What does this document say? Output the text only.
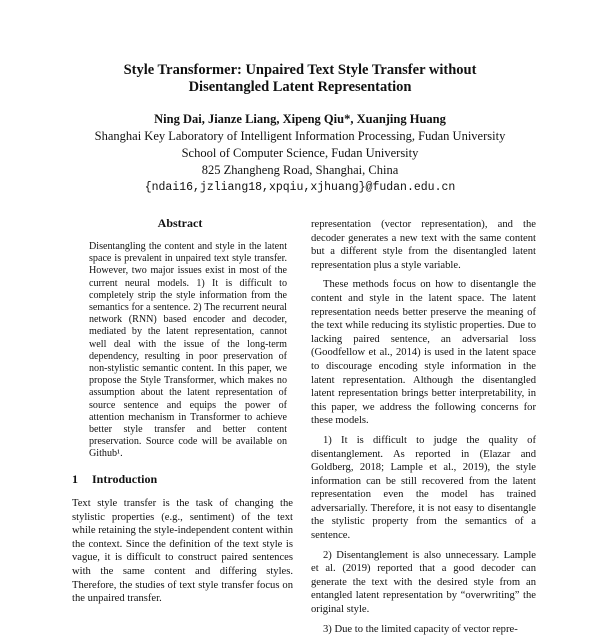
Style Transformer: Unpaired Text Style Transfer without
Disentangled Latent Representation
Ning Dai, Jianze Liang, Xipeng Qiu*, Xuanjing Huang
Shanghai Key Laboratory of Intelligent Information Processing, Fudan University
School of Computer Science, Fudan University
825 Zhangheng Road, Shanghai, China
{ndai16,jzliang18,xpqiu,xjhuang}@fudan.edu.cn
Abstract

Disentangling the content and style in the latent space is prevalent in unpaired text style transfer. However, two major issues exist in most of the current neural models. 1) It is difficult to completely strip the style information from the semantics for a sentence. 2) The recurrent neural network (RNN) based encoder and decoder, mediated by the latent representation, cannot well deal with the issue of the long-term dependency, resulting in poor preservation of non-stylistic semantic content. In this paper, we propose the Style Transformer, which makes no assumption about the latent representation of source sentence and equips the power of attention mechanism in Transformer to achieve better style transfer and better content preservation. Source code will be available on Github¹.

1 Introduction

Text style transfer is the task of changing the stylistic properties (e.g., sentiment) of the text while retaining the style-independent content within the context. Since the definition of the text style is vague, it is difficult to construct paired sentences with the same content and differing styles. Therefore, the studies of text style transfer focus on the unpaired transfer.

representation (vector representation), and the decoder generates a new text with the same content but a different style from the disentangled latent representation plus a style variable.

These methods focus on how to disentangle the content and style in the latent space. The latent representation needs better preserve the meaning of the text while reducing its stylistic properties. Due to lacking paired sentence, an adversarial loss (Goodfellow et al., 2014) is used in the latent space to discourage encoding style information in the latent representation. Although the disentangled latent representation brings better interpretability, in this paper, we address the following concerns for these models.

1) It is difficult to judge the quality of disentanglement. As reported in (Elazar and Goldberg, 2018; Lample et al., 2019), the style information can be still recovered from the latent representation even the model has trained adversarially. Therefore, it is not easy to disentangle the stylistic property from the semantics of a sentence.

2) Disentanglement is also unnecessary. Lample et al. (2019) reported that a good decoder can generate the text with the desired style from an entangled latent representation by “overwriting” the original style.

3) Due to the limited capacity of vector repre-
